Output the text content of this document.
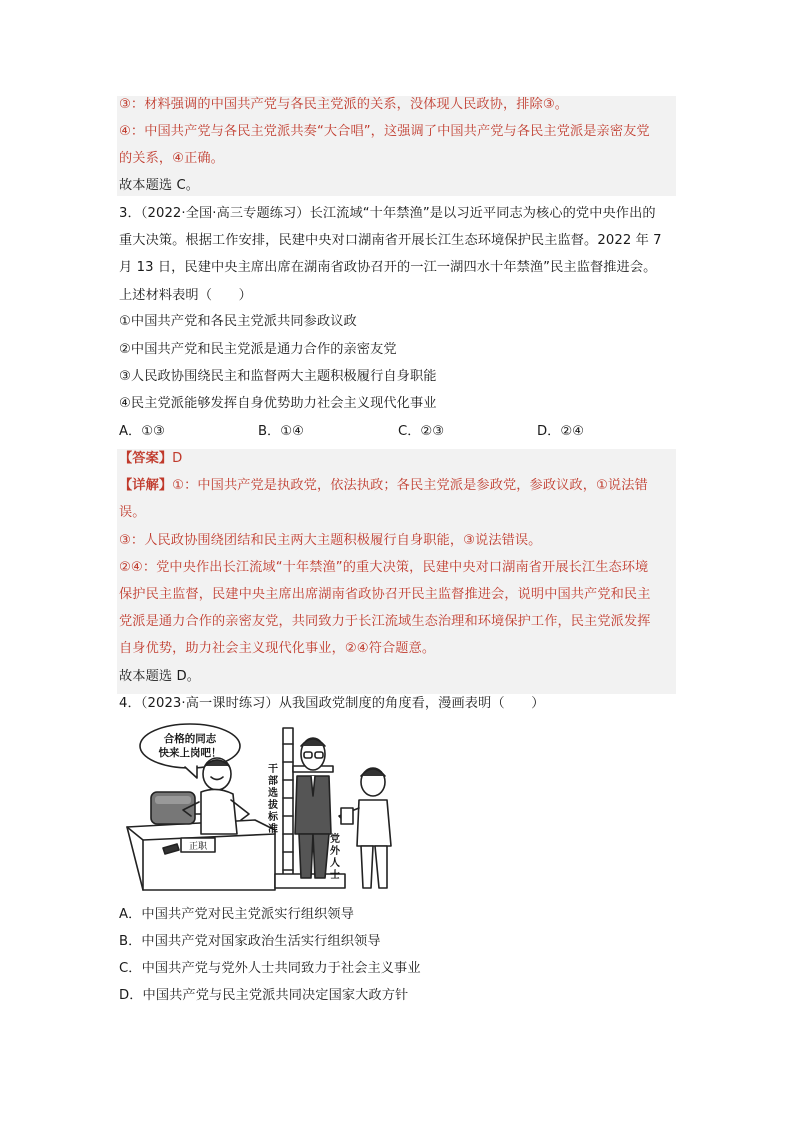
③：材料强调的中国共产党与各民主党派的关系，没体现人民政协，排除③。
④：中国共产党与各民主党派共奏“大合唱”，这强调了中国共产党与各民主党派是亲密友党
的关系，④正确。
故本题选 C。
3．（2022·全国·高三专题练习）长江流域“十年禁渔”是以习近平同志为核心的党中央作出的
重大决策。根据工作安排，民建中央对口湖南省开展长江生态环境保护民主监督。2022 年 7
月 13 日，民建中央主席出席在湖南省政协召开的一江一湖四水十年禁渔”民主监督推进会。
上述材料表明（　　）
①中国共产党和各民主党派共同参政议政
②中国共产党和民主党派是通力合作的亲密友党
③人民政协围绕民主和监督两大主题积极履行自身职能
④民主党派能够发挥自身优势助力社会主义现代化事业
A．①③	B．①④	C．②③	D．②④
【答案】D
【详解】①：中国共产党是执政党，依法执政；各民主党派是参政党，参政议政，①说法错
误。
③：人民政协围绕团结和民主两大主题积极履行自身职能，③说法错误。
②④：党中央作出长江流域“十年禁渔”的重大决策，民建中央对口湖南省开展长江生态环境
保护民主监督，民建中央主席出席湖南省政协召开民主监督推进会，说明中国共产党和民主
党派是通力合作的亲密友党，共同致力于长江流域生态治理和环境保护工作，民主党派发挥
自身优势，助力社会主义现代化事业，②④符合题意。
故本题选 D。
4．（2023·高一课时练习）从我国政党制度的角度看，漫画表明（　　）
合格的同志
快来上岗吧！
正职
干
部
选
拔
标
准
党
外
人
士
A．中国共产党对民主党派实行组织领导
B．中国共产党对国家政治生活实行组织领导
C．中国共产党与党外人士共同致力于社会主义事业
D．中国共产党与民主党派共同决定国家大政方针
